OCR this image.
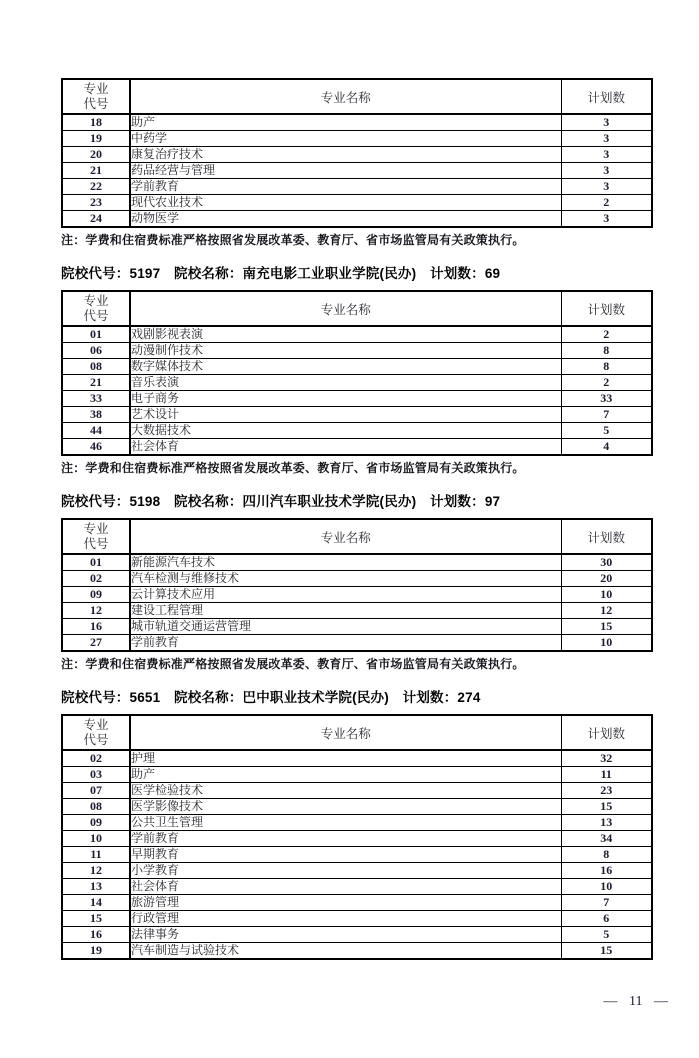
专业
代号	专业名称	计划数
18	助产	3
19	中药学	3
20	康复治疗技术	3
21	药品经营与管理	3
22	学前教育	3
23	现代农业技术	2
24	动物医学	3
注：学费和住宿费标准严格按照省发展改革委、教育厅、省市场监管局有关政策执行。
院校代号：5197　院校名称：南充电影工业职业学院(民办)　计划数：69
专业
代号	专业名称	计划数
01	戏剧影视表演	2
06	动漫制作技术	8
08	数字媒体技术	8
21	音乐表演	2
33	电子商务	33
38	艺术设计	7
44	大数据技术	5
46	社会体育	4
注：学费和住宿费标准严格按照省发展改革委、教育厅、省市场监管局有关政策执行。
院校代号：5198　院校名称：四川汽车职业技术学院(民办)　计划数：97
专业
代号	专业名称	计划数
01	新能源汽车技术	30
02	汽车检测与维修技术	20
09	云计算技术应用	10
12	建设工程管理	12
16	城市轨道交通运营管理	15
27	学前教育	10
注：学费和住宿费标准严格按照省发展改革委、教育厅、省市场监管局有关政策执行。
院校代号：5651　院校名称：巴中职业技术学院(民办)　计划数：274
专业
代号	专业名称	计划数
02	护理	32
03	助产	11
07	医学检验技术	23
08	医学影像技术	15
09	公共卫生管理	13
10	学前教育	34
11	早期教育	8
12	小学教育	16
13	社会体育	10
14	旅游管理	7
15	行政管理	6
16	法律事务	5
19	汽车制造与试验技术	15
— 11 —
